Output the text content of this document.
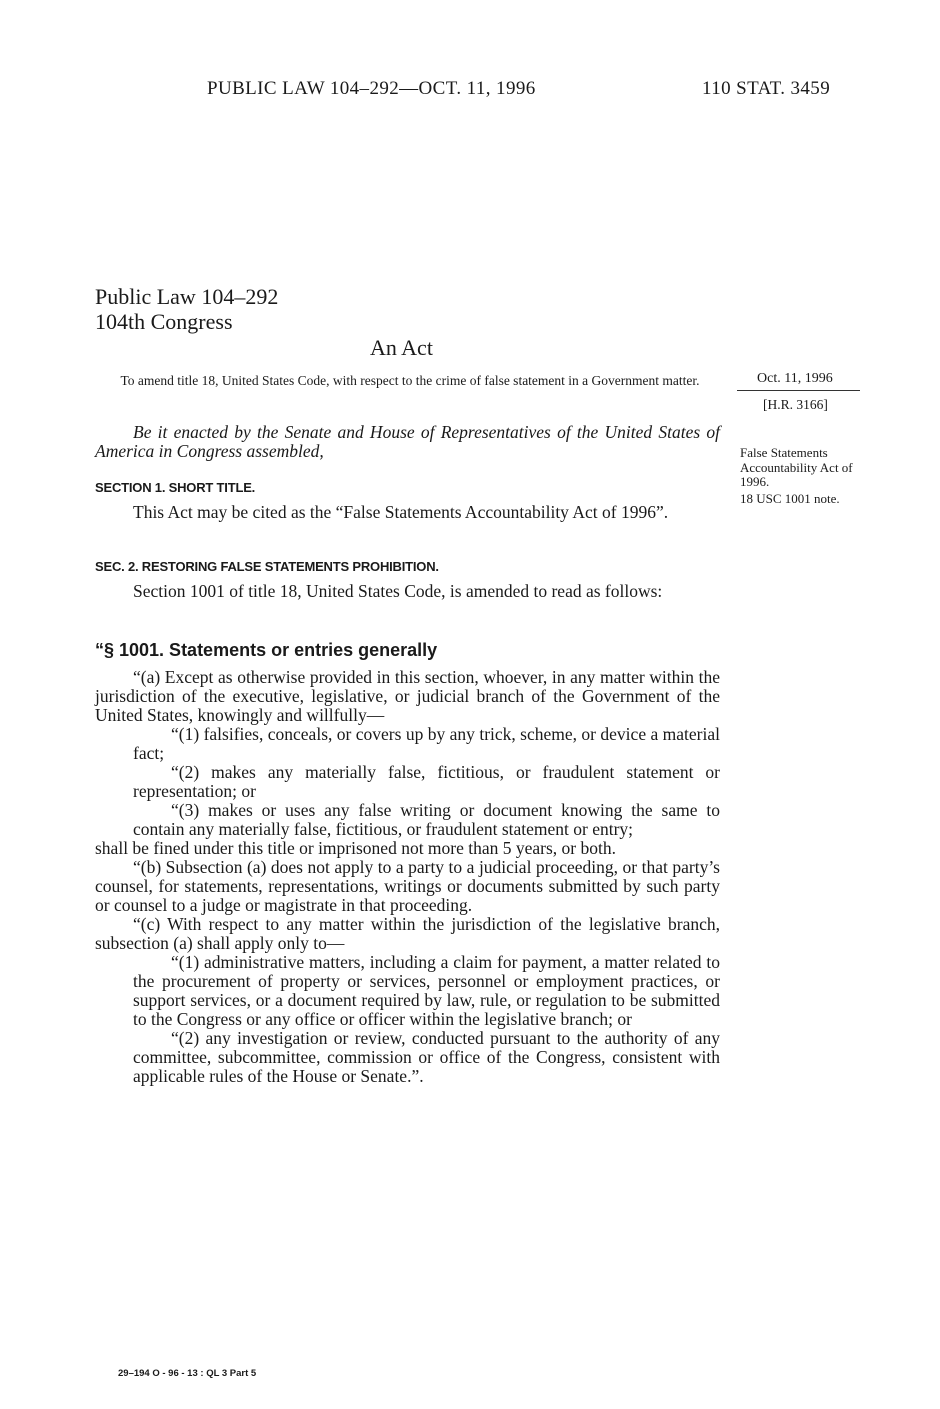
PUBLIC LAW 104–292—OCT. 11, 1996	110 STAT. 3459
Public Law 104–292
104th Congress
An Act
To amend title 18, United States Code, with respect to the crime of false statement in a Government matter.	Oct. 11, 1996
[H.R. 3166]
False Statements Accountability Act of 1996.
18 USC 1001 note.

Be it enacted by the Senate and House of Representatives of the United States of America in Congress assembled,

SECTION 1. SHORT TITLE.

This Act may be cited as the “False Statements Accountability Act of 1996”.

SEC. 2. RESTORING FALSE STATEMENTS PROHIBITION.

Section 1001 of title 18, United States Code, is amended to read as follows:

“§ 1001. Statements or entries generally

“(a) Except as otherwise provided in this section, whoever, in any matter within the jurisdiction of the executive, legislative, or judicial branch of the Government of the United States, knowingly and willfully—

“(1) falsifies, conceals, or covers up by any trick, scheme, or device a material fact;

“(2) makes any materially false, fictitious, or fraudulent statement or representation; or

“(3) makes or uses any false writing or document knowing the same to contain any materially false, fictitious, or fraudulent statement or entry;

shall be fined under this title or imprisoned not more than 5 years, or both.

“(b) Subsection (a) does not apply to a party to a judicial proceeding, or that party’s counsel, for statements, representations, writings or documents submitted by such party or counsel to a judge or magistrate in that proceeding.

“(c) With respect to any matter within the jurisdiction of the legislative branch, subsection (a) shall apply only to—

“(1) administrative matters, including a claim for payment, a matter related to the procurement of property or services, personnel or employment practices, or support services, or a document required by law, rule, or regulation to be submitted to the Congress or any office or officer within the legislative branch; or

“(2) any investigation or review, conducted pursuant to the authority of any committee, subcommittee, commission or office of the Congress, consistent with applicable rules of the House or Senate.”.

29–194 O - 96 - 13 : QL 3 Part 5
